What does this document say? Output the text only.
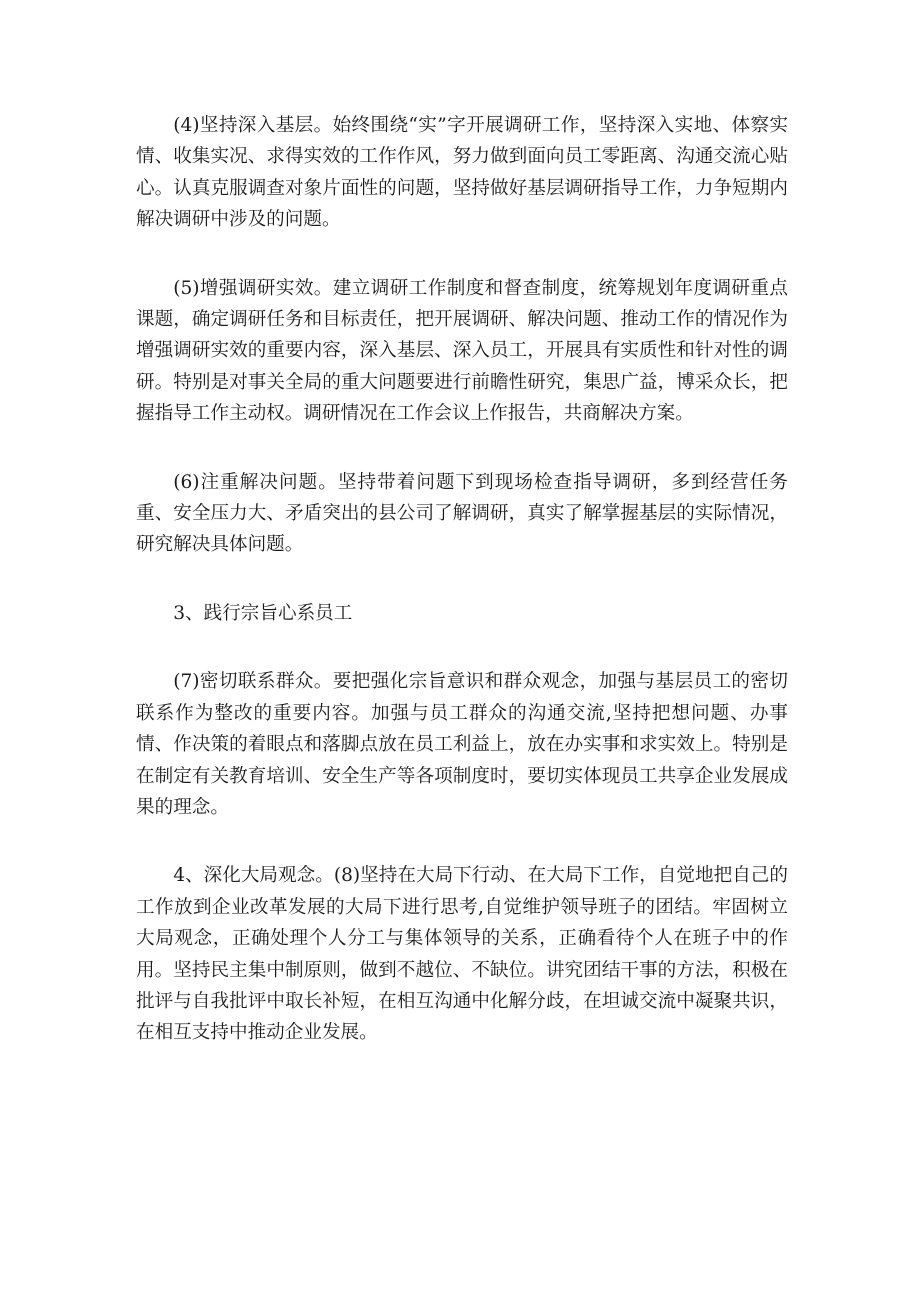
(4)坚持深入基层。始终围绕“实”字开展调研工作，坚持深入实地、体察实情、收集实况、求得实效的工作作风，努力做到面向员工零距离、沟通交流心贴心。认真克服调查对象片面性的问题，坚持做好基层调研指导工作，力争短期内解决调研中涉及的问题。

(5)增强调研实效。建立调研工作制度和督查制度，统筹规划年度调研重点课题，确定调研任务和目标责任，把开展调研、解决问题、推动工作的情况作为增强调研实效的重要内容，深入基层、深入员工，开展具有实质性和针对性的调研。特别是对事关全局的重大问题要进行前瞻性研究，集思广益，博采众长，把握指导工作主动权。调研情况在工作会议上作报告，共商解决方案。

(6)注重解决问题。坚持带着问题下到现场检查指导调研，多到经营任务重、安全压力大、矛盾突出的县公司了解调研，真实了解掌握基层的实际情况，研究解决具体问题。

3、践行宗旨心系员工

(7)密切联系群众。要把强化宗旨意识和群众观念，加强与基层员工的密切联系作为整改的重要内容。加强与员工群众的沟通交流,坚持把想问题、办事情、作决策的着眼点和落脚点放在员工利益上，放在办实事和求实效上。特别是在制定有关教育培训、安全生产等各项制度时，要切实体现员工共享企业发展成果的理念。

4、深化大局观念。(8)坚持在大局下行动、在大局下工作，自觉地把自己的工作放到企业改革发展的大局下进行思考,自觉维护领导班子的团结。牢固树立大局观念，正确处理个人分工与集体领导的关系，正确看待个人在班子中的作用。坚持民主集中制原则，做到不越位、不缺位。讲究团结干事的方法，积极在批评与自我批评中取长补短，在相互沟通中化解分歧，在坦诚交流中凝聚共识，在相互支持中推动企业发展。
